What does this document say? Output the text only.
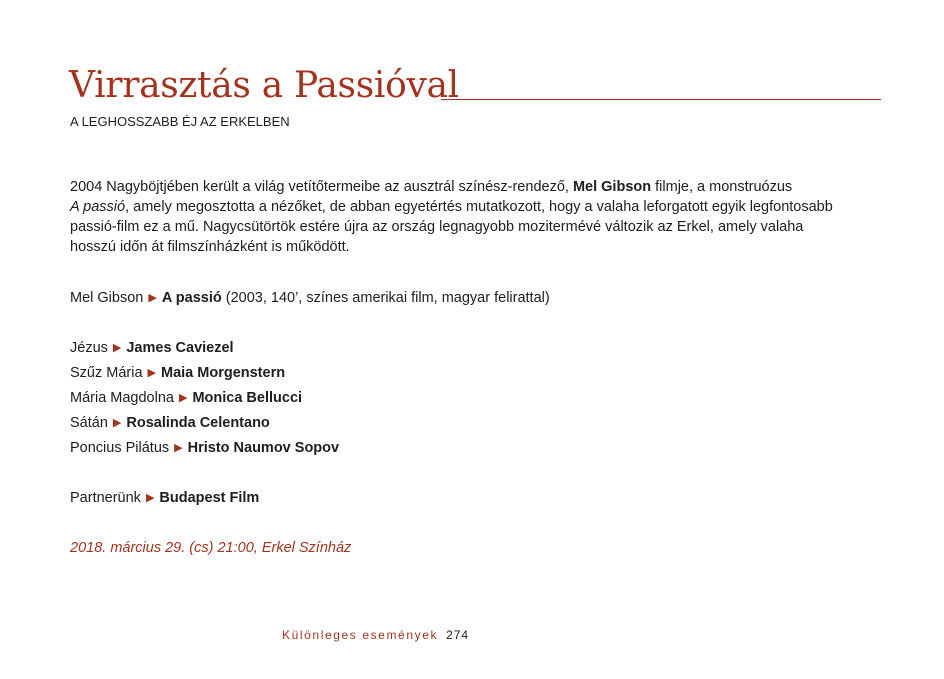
Virrasztás a Passióval
A LEGHOSSZABB ÉJ AZ ERKELBEN
2004 Nagyböjtjében került a világ vetítőtermeibe az ausztrál színész-rendező, Mel Gibson filmje, a monstruózus
A passió, amely megosztotta a nézőket, de abban egyetértés mutatkozott, hogy a valaha leforgatott egyik legfontosabb
passió-film ez a mű. Nagycsütörtök estére újra az ország legnagyobb mozitermévé változik az Erkel, amely valaha
hosszú időn át filmszínházként is működött.
Mel Gibson ▶ A passió (2003, 140’, színes amerikai film, magyar felirattal)
Jézus ▶ James Caviezel
Szűz Mária ▶ Maia Morgenstern
Mária Magdolna ▶ Monica Bellucci
Sátán ▶ Rosalinda Celentano
Poncius Pilátus ▶ Hristo Naumov Sopov
Partnerünk ▶ Budapest Film
2018. március 29. (cs) 21:00, Erkel Színház
Különleges események 274
